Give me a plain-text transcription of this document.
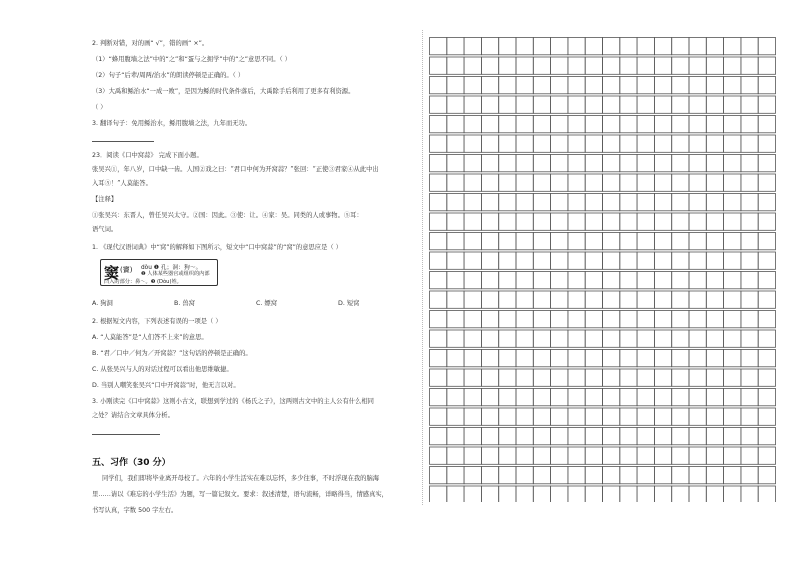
2. 判断对错，对的画“ √”，错的画“ ×”。
（1）“蜂用腹墙之法”中的“之”和“蛋与之拥学”中的“之”意思不同。（ ）
（2）句子“后辈/周两/治水”的朗读停顿是正确的。（ ）
（3）大禹和鲧治水“一成一败”，是因为鲧的时代条件落后，大禹除手后利用了更多有利资源。
（ ）
3. 翻译句子：免用鲧治水，鲧用腹墙之法，九年而无功。
23．阅读《口中窝蒜》 完成下面小题。
张吴兴①，年八岁，口中缺一齿。人国②戏之曰：“君口中何为开窝蒜？”张回：“正使③君家④从此中出
入耳⑤！”人莫能答。
【注释】
①张吴兴：东晋人，曾任吴兴太守。②国：因此。③使：让。④家：吴。同类的人或事物。⑤耳：
语气词。
1. 《现代汉语词典》中“窝”的解释如下图所示，短文中“口中窝蒜”的“窝”的意思应是（ ）
窦 (竇) dòu ❶ 孔；洞：狗～。
❷ 人体某些器官或组织的内部
凹入的部分：鼻～。❸ (Dòu)姓。
A. 狗洞	B. 兽窝	C. 嫖窝	D. 短窝
2. 根据短文内容，下列表述有误的一项是（ ）
A. “人莫能答”是“人们答不上来”的意思。
B. “君／口中／何为／开窝蒜？”这句话的停顿是正确的。
C. 从张吴兴与人的对话过程可以看出他思维敏捷。
D. 当别人嘲笑张吴兴“口中开窝蒜”时，他无言以对。
3. 小刚读完《口中窝蒜》这则小古文，联想到学过的《杨氏之子》，这两则古文中的主人公有什么相同
之处？请结合文章具体分析。
五、习作（30 分）
同学们，我们即将毕业离开母校了。六年的小学生活实在难以忘怀，多少往事，不时浮现在我的脑海
里……请以《难忘的小学生活》为题，写一篇记叙文。要求：叙述清楚，语句流畅，详略得当，情感真实，
书写认真，字数 500 字左右。
